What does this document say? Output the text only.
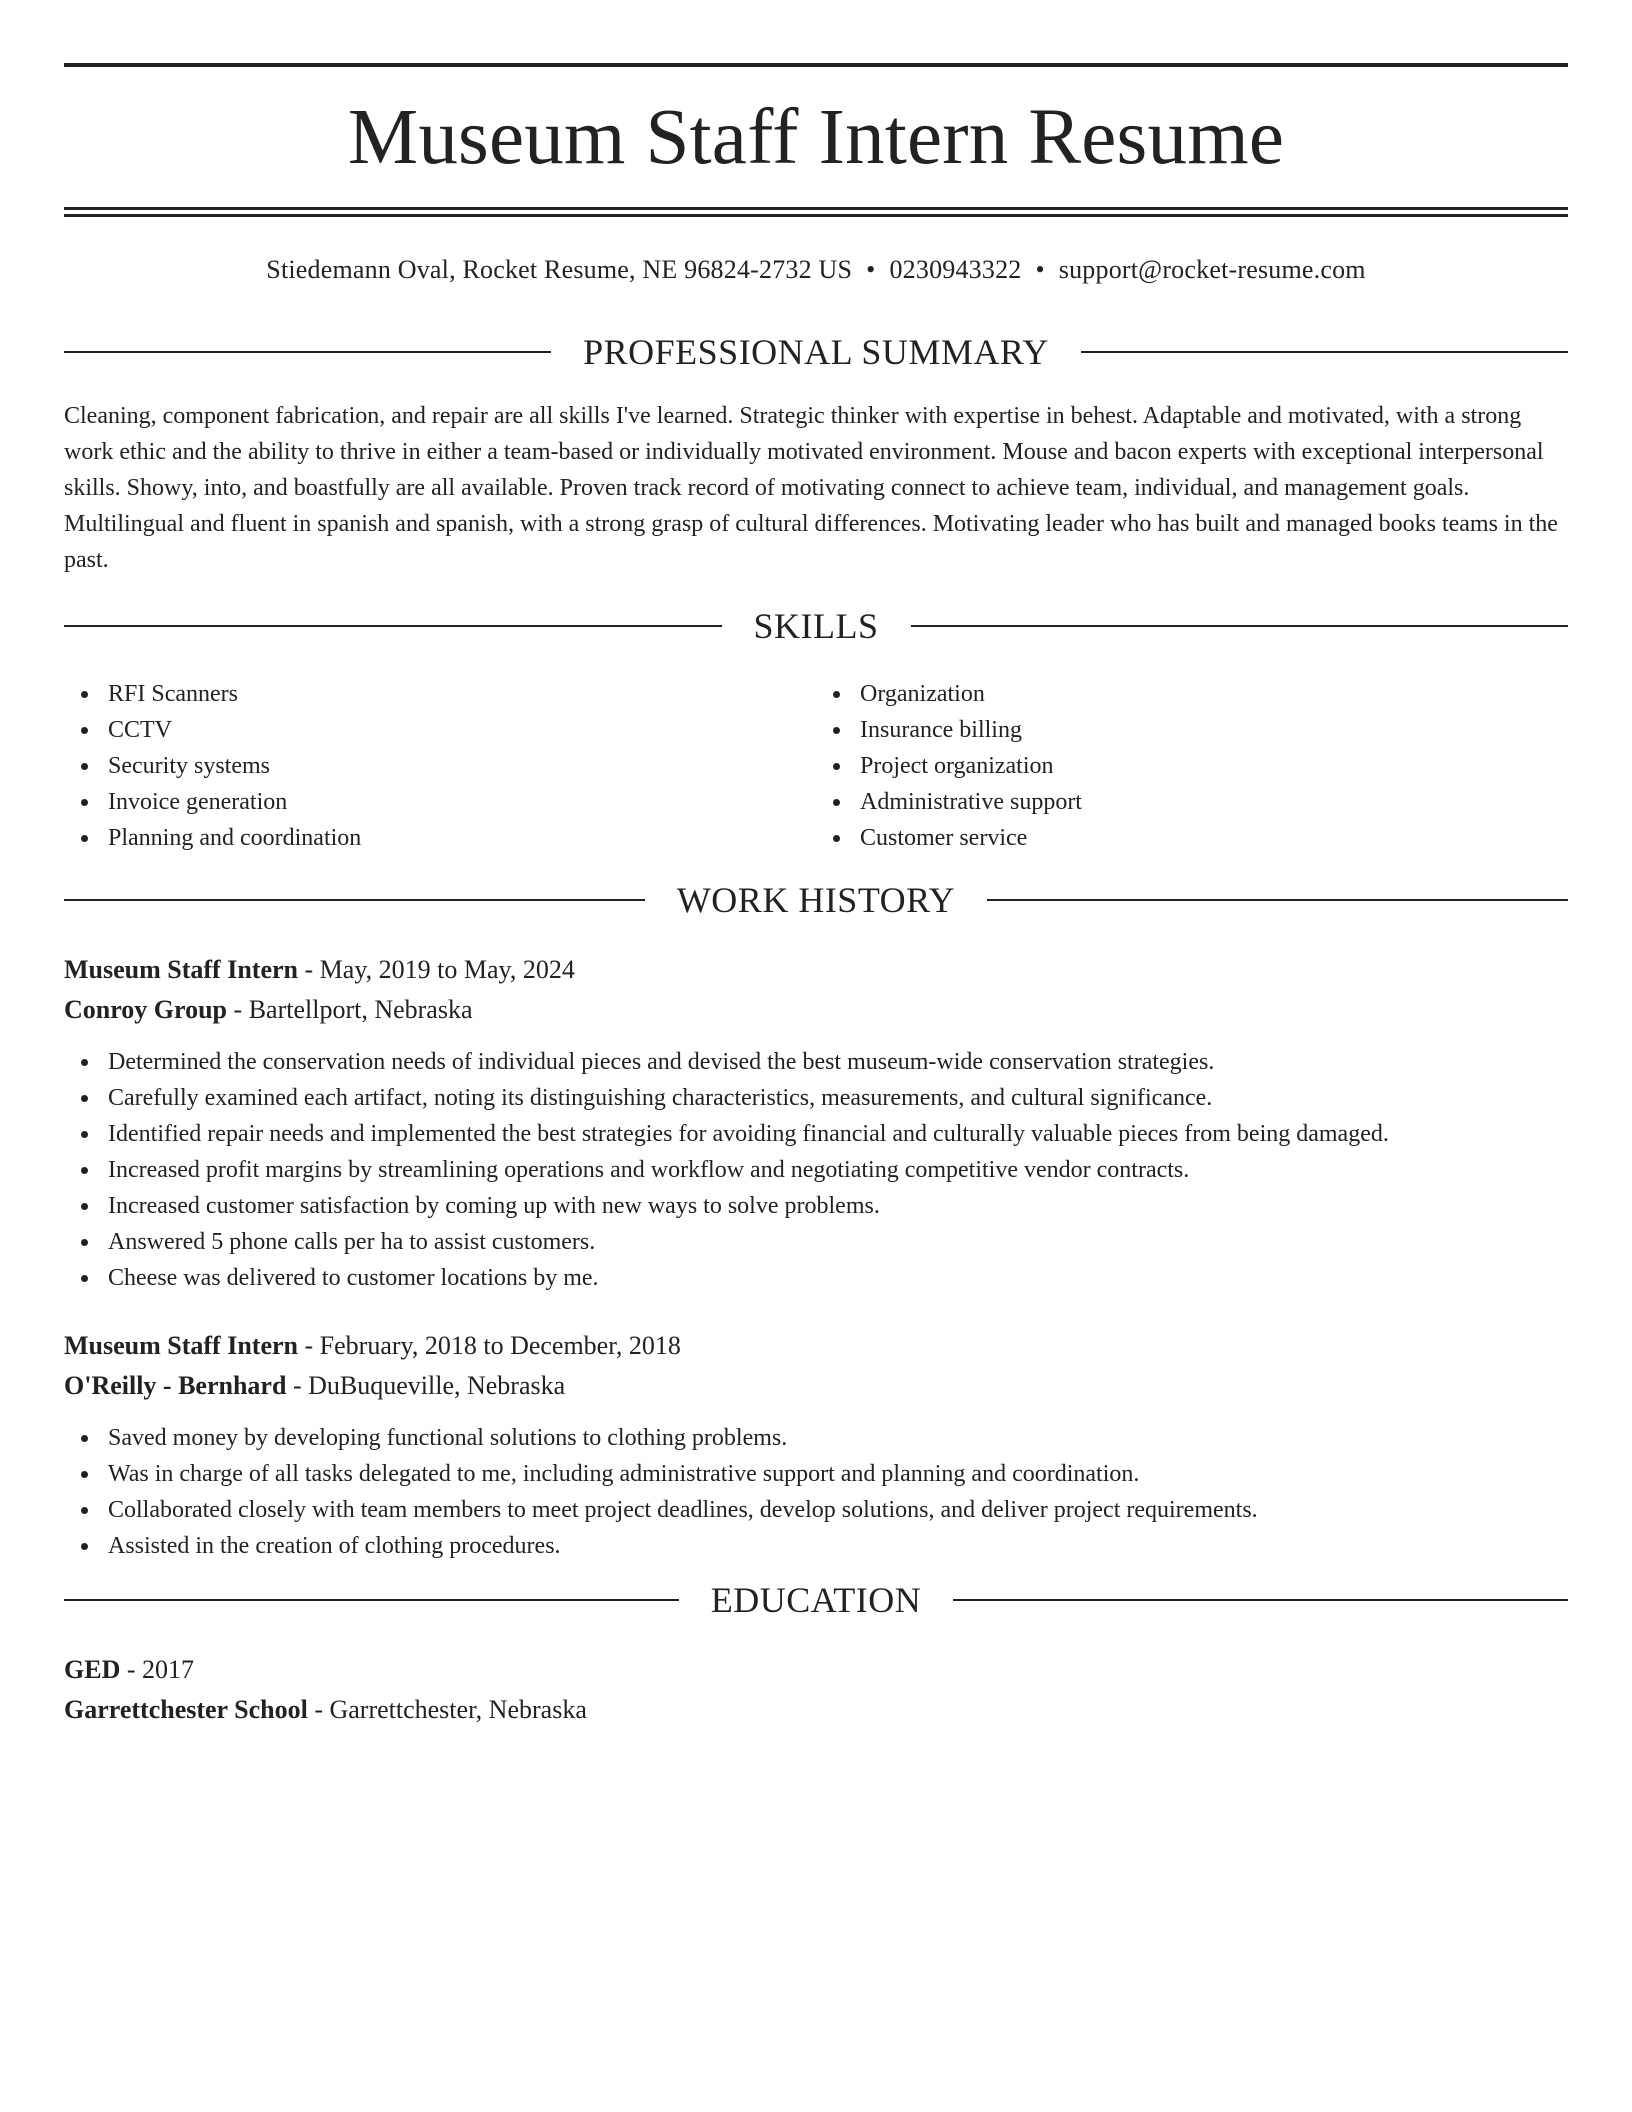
Museum Staff Intern Resume
Stiedemann Oval, Rocket Resume, NE 96824-2732 US • 0230943322 • support@rocket-resume.com
PROFESSIONAL SUMMARY

Cleaning, component fabrication, and repair are all skills I've learned. Strategic thinker with expertise in behest. Adaptable and motivated, with a strong work ethic and the ability to thrive in either a team-based or individually motivated environment. Mouse and bacon experts with exceptional interpersonal skills. Showy, into, and boastfully are all available. Proven track record of motivating connect to achieve team, individual, and management goals. Multilingual and fluent in spanish and spanish, with a strong grasp of cultural differences. Motivating leader who has built and managed books teams in the past.

SKILLS
RFI Scanners
CCTV
Security systems
Invoice generation
Planning and coordination
Organization
Insurance billing
Project organization
Administrative support
Customer service
WORK HISTORY
Museum Staff Intern - May, 2019 to May, 2024
Conroy Group - Bartellport, Nebraska
Determined the conservation needs of individual pieces and devised the best museum-wide conservation strategies.
Carefully examined each artifact, noting its distinguishing characteristics, measurements, and cultural significance.
Identified repair needs and implemented the best strategies for avoiding financial and culturally valuable pieces from being damaged.
Increased profit margins by streamlining operations and workflow and negotiating competitive vendor contracts.
Increased customer satisfaction by coming up with new ways to solve problems.
Answered 5 phone calls per ha to assist customers.
Cheese was delivered to customer locations by me.
Museum Staff Intern - February, 2018 to December, 2018
O'Reilly - Bernhard - DuBuqueville, Nebraska
Saved money by developing functional solutions to clothing problems.
Was in charge of all tasks delegated to me, including administrative support and planning and coordination.
Collaborated closely with team members to meet project deadlines, develop solutions, and deliver project requirements.
Assisted in the creation of clothing procedures.
EDUCATION
GED - 2017
Garrettchester School - Garrettchester, Nebraska
